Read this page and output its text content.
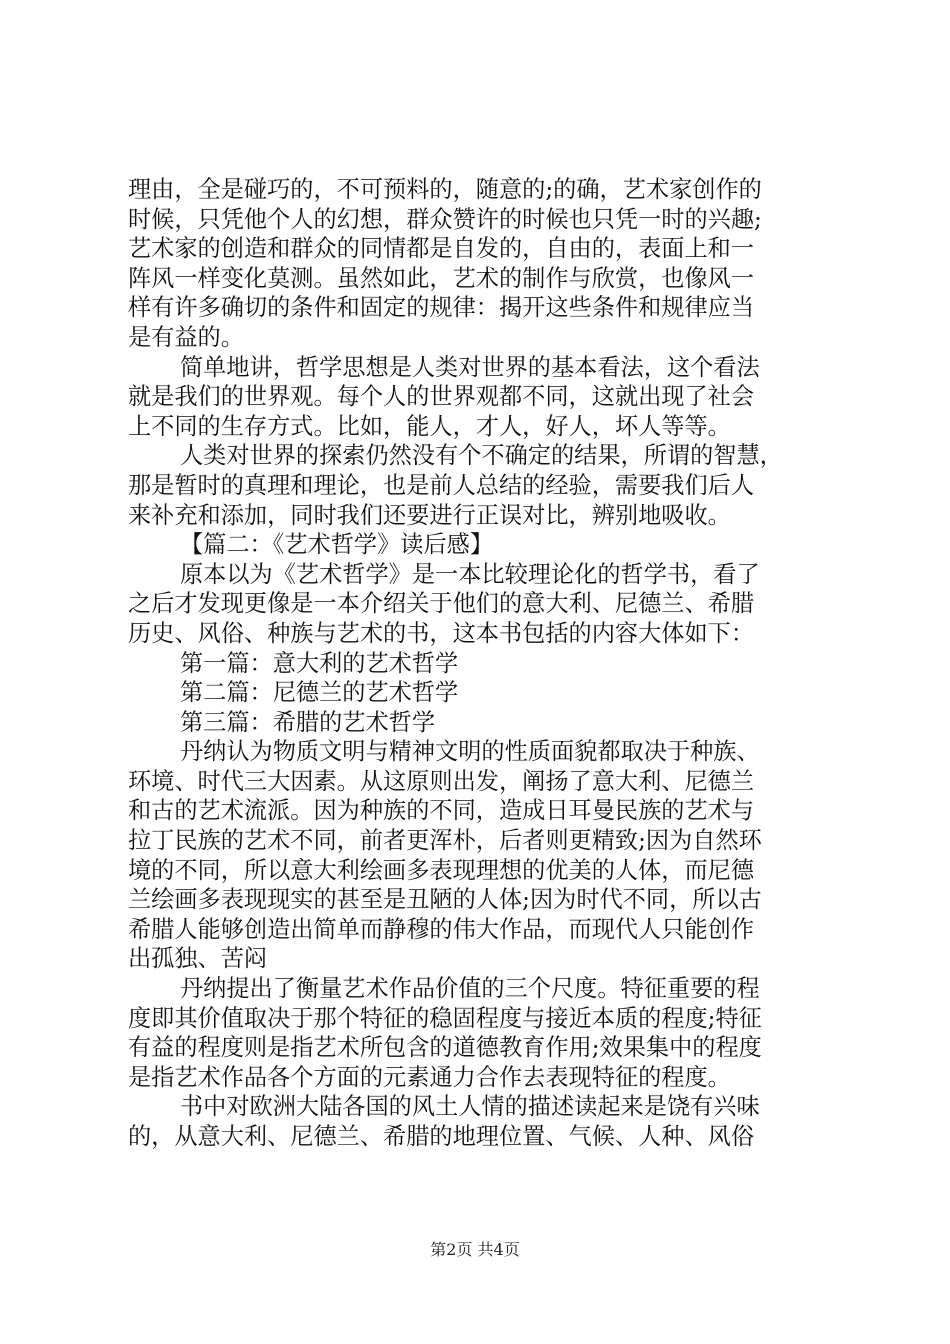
理由，全是碰巧的，不可预料的，随意的;的确，艺术家创作的
时候，只凭他个人的幻想，群众赞许的时候也只凭一时的兴趣;
艺术家的创造和群众的同情都是自发的，自由的，表面上和一
阵风一样变化莫测。虽然如此，艺术的制作与欣赏，也像风一
样有许多确切的条件和固定的规律：揭开这些条件和规律应当
是有益的。
简单地讲，哲学思想是人类对世界的基本看法，这个看法
就是我们的世界观。每个人的世界观都不同，这就出现了社会
上不同的生存方式。比如，能人，才人，好人，坏人等等。
人类对世界的探索仍然没有个不确定的结果，所谓的智慧，
那是暂时的真理和理论，也是前人总结的经验，需要我们后人
来补充和添加，同时我们还要进行正误对比，辨别地吸收。
【篇二：《艺术哲学》读后感】
原本以为《艺术哲学》是一本比较理论化的哲学书，看了
之后才发现更像是一本介绍关于他们的意大利、尼德兰、希腊
历史、风俗、种族与艺术的书，这本书包括的内容大体如下：
第一篇：意大利的艺术哲学
第二篇：尼德兰的艺术哲学
第三篇：希腊的艺术哲学
丹纳认为物质文明与精神文明的性质面貌都取决于种族、
环境、时代三大因素。从这原则出发，阐扬了意大利、尼德兰
和古的艺术流派。因为种族的不同，造成日耳曼民族的艺术与
拉丁民族的艺术不同，前者更浑朴，后者则更精致;因为自然环
境的不同，所以意大利绘画多表现理想的优美的人体，而尼德
兰绘画多表现现实的甚至是丑陋的人体;因为时代不同，所以古
希腊人能够创造出简单而静穆的伟大作品，而现代人只能创作
出孤独、苦闷
丹纳提出了衡量艺术作品价值的三个尺度。特征重要的程
度即其价值取决于那个特征的稳固程度与接近本质的程度;特征
有益的程度则是指艺术所包含的道德教育作用;效果集中的程度
是指艺术作品各个方面的元素通力合作去表现特征的程度。
书中对欧洲大陆各国的风土人情的描述读起来是饶有兴味
的，从意大利、尼德兰、希腊的地理位置、气候、人种、风俗
第2页 共4页
